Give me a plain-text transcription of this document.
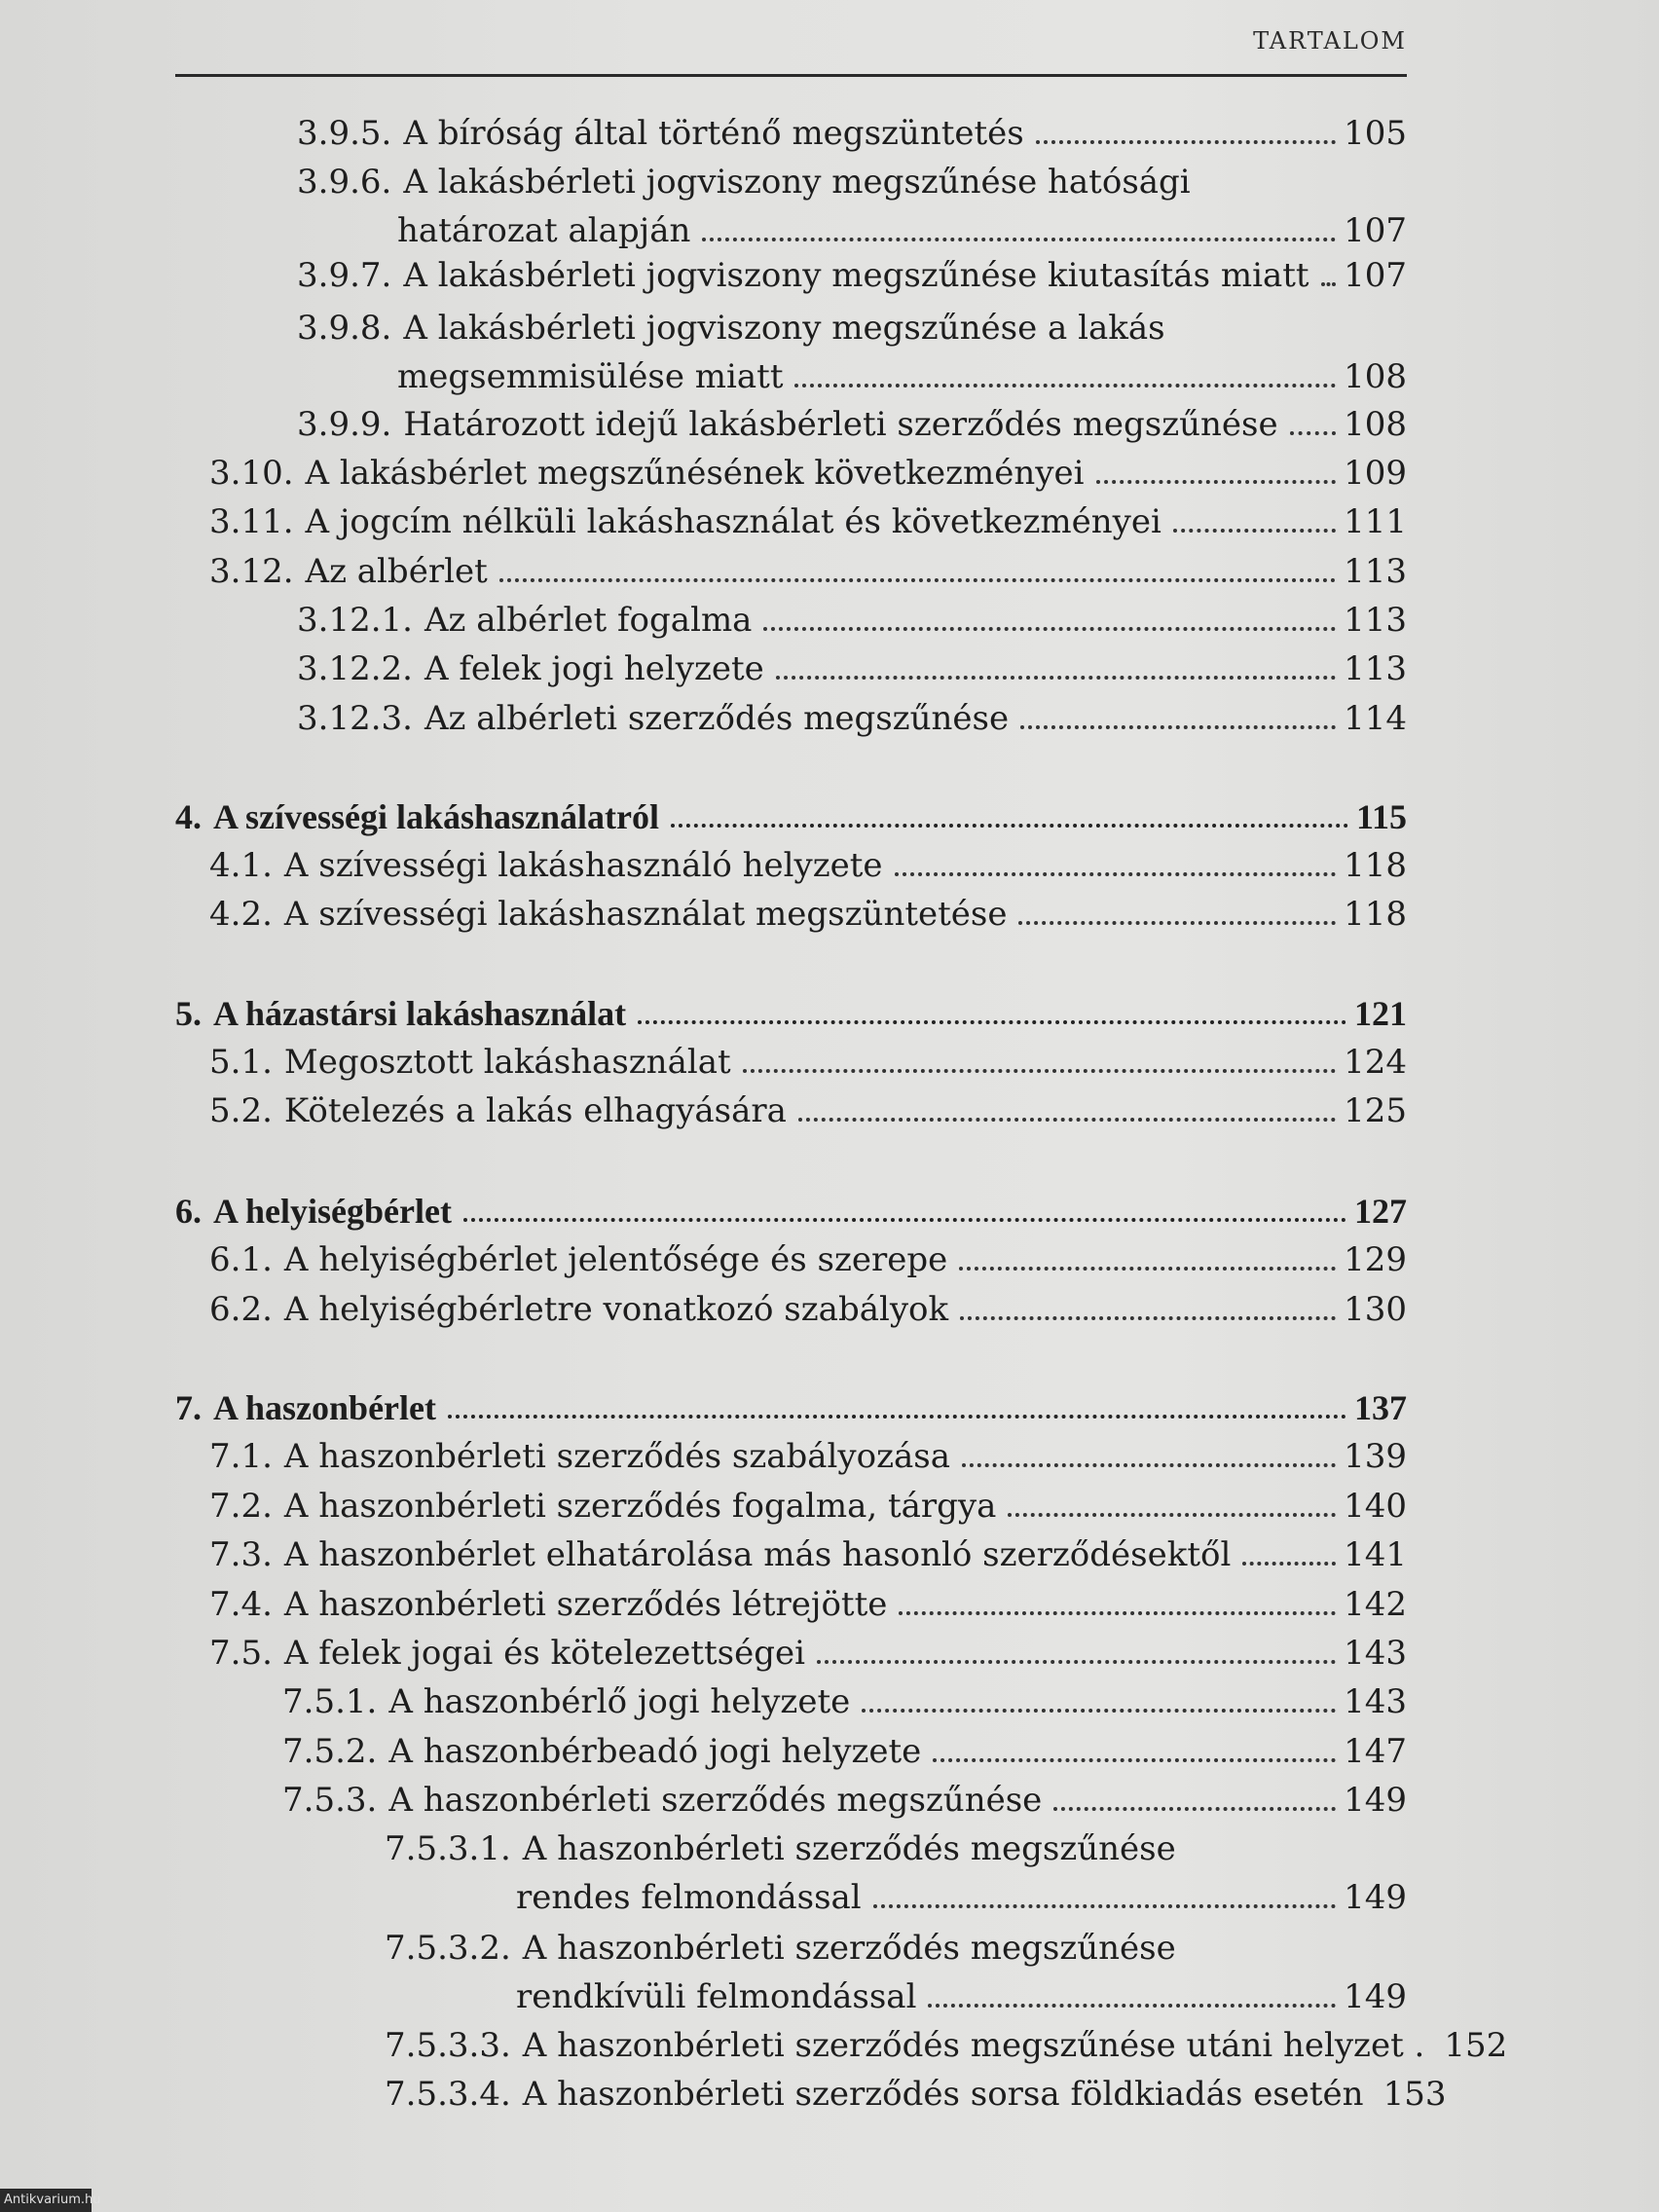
TARTALOM
3.9.5. A bíróság által történő megszüntetés	105
3.9.6. A lakásbérleti jogviszony megszűnése hatósági
határozat alapján	107
3.9.7. A lakásbérleti jogviszony megszűnése kiutasítás miatt 107
3.9.8. A lakásbérleti jogviszony megszűnése a lakás
megsemmisülése miatt	108
3.9.9. Határozott idejű lakásbérleti szerződés megszűnése 108
3.10. A lakásbérlet megszűnésének következményei	109
3.11. A jogcím nélküli lakáshasználat és következményei	111
3.12. Az albérlet	113
3.12.1. Az albérlet fogalma	113
3.12.2. A felek jogi helyzete	113
3.12.3. Az albérleti szerződés megszűnése	114
4. A szívességi lakáshasználatról	115
4.1. A szívességi lakáshasználó helyzete	118
4.2. A szívességi lakáshasználat megszüntetése	118
5. A házastársi lakáshasználat	121
5.1. Megosztott lakáshasználat	124
5.2. Kötelezés a lakás elhagyására	125
6. A helyiségbérlet	127
6.1. A helyiségbérlet jelentősége és szerepe	129
6.2. A helyiségbérletre vonatkozó szabályok	130
7. A haszonbérlet	137
7.1. A haszonbérleti szerződés szabályozása	139
7.2. A haszonbérleti szerződés fogalma, tárgya	140
7.3. A haszonbérlet elhatárolása más hasonló szerződésektől	141
7.4. A haszonbérleti szerződés létrejötte	142
7.5. A felek jogai és kötelezettségei	143
7.5.1. A haszonbérlő jogi helyzete	143
7.5.2. A haszonbérbeadó jogi helyzete	147
7.5.3. A haszonbérleti szerződés megszűnése	149
7.5.3.1. A haszonbérleti szerződés megszűnése
rendes felmondással	149
7.5.3.2. A haszonbérleti szerződés megszűnése
rendkívüli felmondással	149
7.5.3.3. A haszonbérleti szerződés megszűnése utáni helyzet . 152
7.5.3.4. A haszonbérleti szerződés sorsa földkiadás esetén 153
Antikvarium.hu
